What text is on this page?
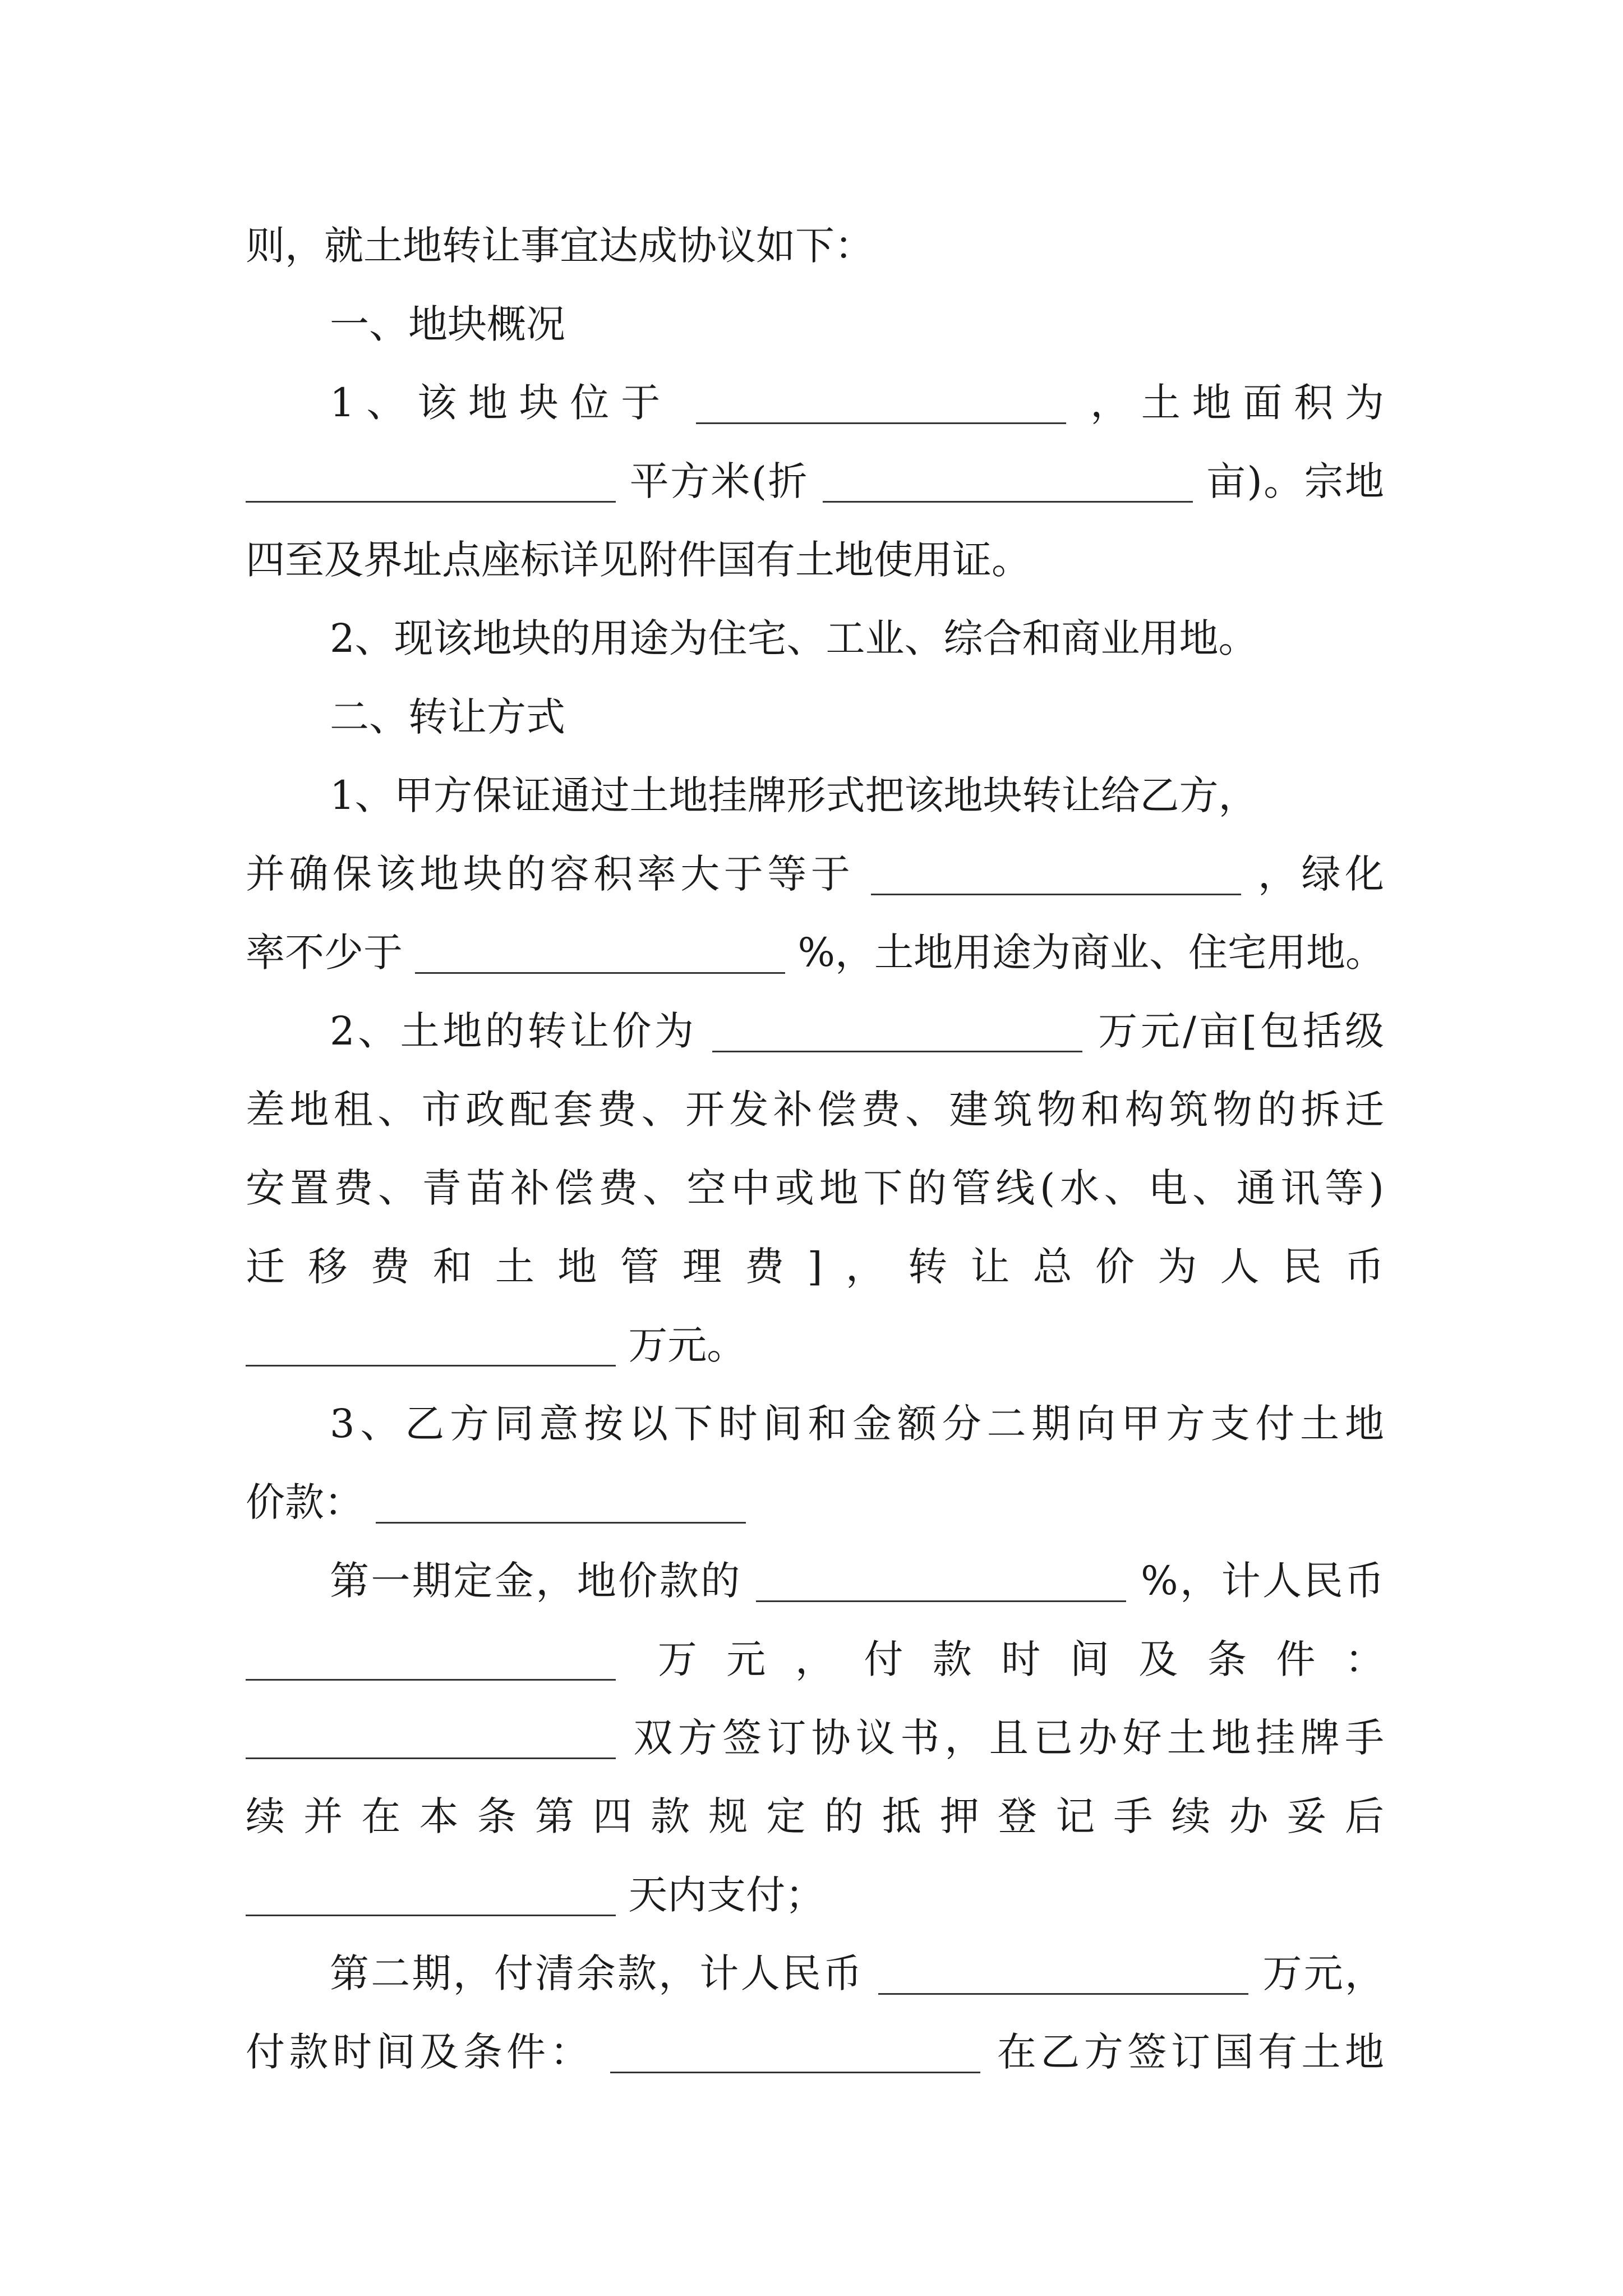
则，就土地转让事宜达成协议如下：
一、地块概况
1、该地块位于	，土地面积为
平方米(折	亩)。宗地
四至及界址点座标详见附件国有土地使用证。
2、现该地块的用途为住宅、工业、综合和商业用地。
二、转让方式
1、甲方保证通过土地挂牌形式把该地块转让给乙方，
并确保该地块的容积率大于等于	，绿化
率不少于	%，土地用途为商业、住宅用地。
2、土地的转让价为	万元/亩[包括级
差地租、市政配套费、开发补偿费、建筑物和构筑物的拆迁
安置费、青苗补偿费、空中或地下的管线(水、电、通讯等)
迁移费和土地管理费]，转让总价为人民币
万元。
3、乙方同意按以下时间和金额分二期向甲方支付土地
价款：
第一期定金，地价款的	%，计人民币
万元，付款时间及条件：
双方签订协议书，且已办好土地挂牌手
续并在本条第四款规定的抵押登记手续办妥后
天内支付；
第二期，付清余款，计人民币	万元，
付款时间及条件：	在乙方签订国有土地
